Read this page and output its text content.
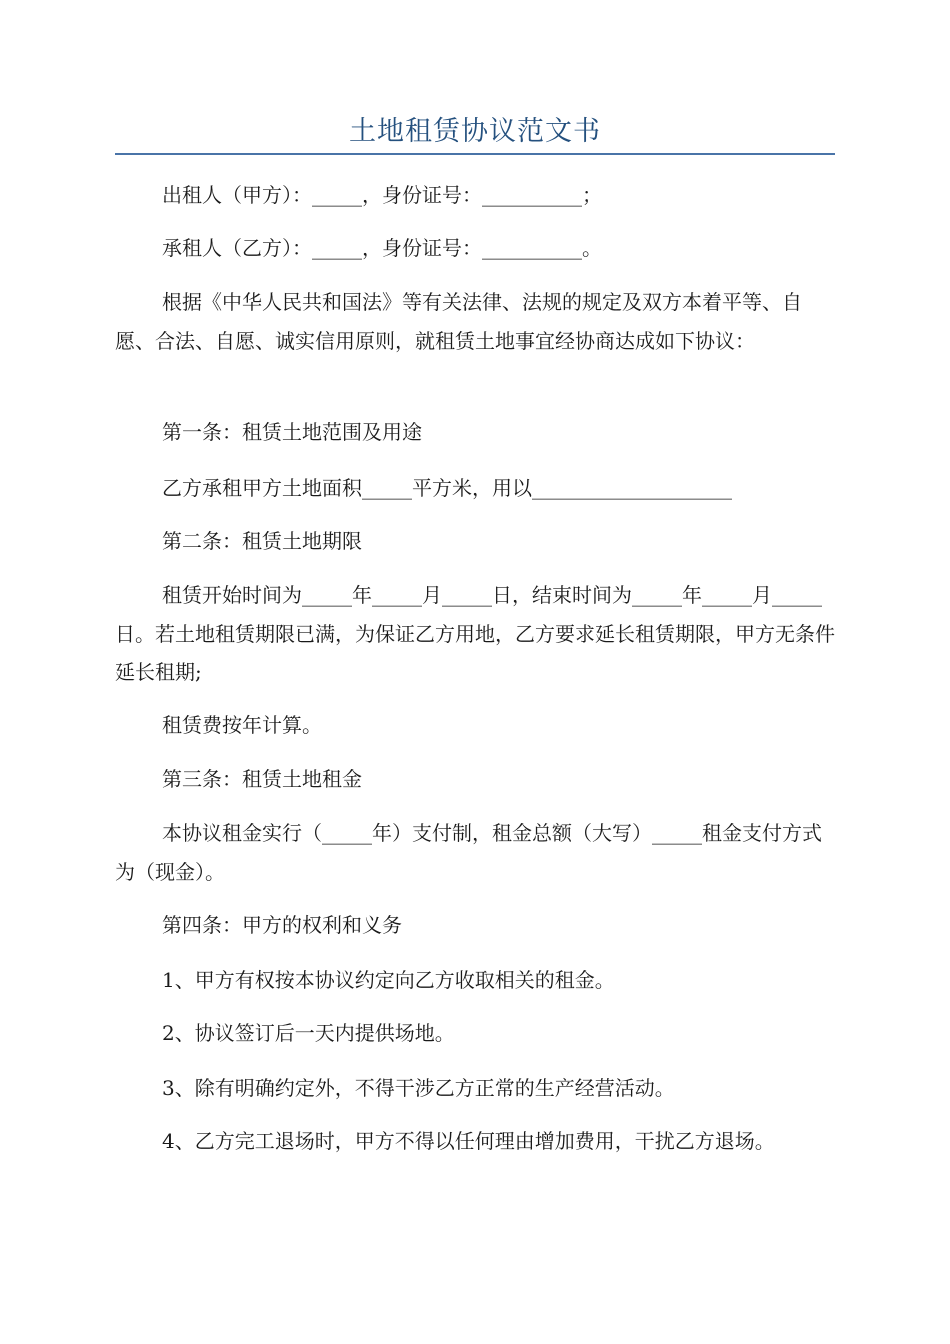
土地租赁协议范文书

出租人（甲方）：_____，身份证号：__________；

承租人（乙方）：_____，身份证号：__________。

根据《中华人民共和国法》等有关法律、法规的规定及双方本着平等、自愿、合法、自愿、诚实信用原则，就租赁土地事宜经协商达成如下协议：

第一条：租赁土地范围及用途

乙方承租甲方土地面积_____平方米，用以____________________

第二条：租赁土地期限

租赁开始时间为_____年_____月_____日，结束时间为_____年_____月_____日。若土地租赁期限已满，为保证乙方用地，乙方要求延长租赁期限，甲方无条件延长租期;

租赁费按年计算。

第三条：租赁土地租金

本协议租金实行（_____年）支付制，租金总额（大写）_____租金支付方式为（现金）。

第四条：甲方的权利和义务

1、甲方有权按本协议约定向乙方收取相关的租金。

2、协议签订后一天内提供场地。

3、除有明确约定外，不得干涉乙方正常的生产经营活动。

4、乙方完工退场时，甲方不得以任何理由增加费用，干扰乙方退场。
